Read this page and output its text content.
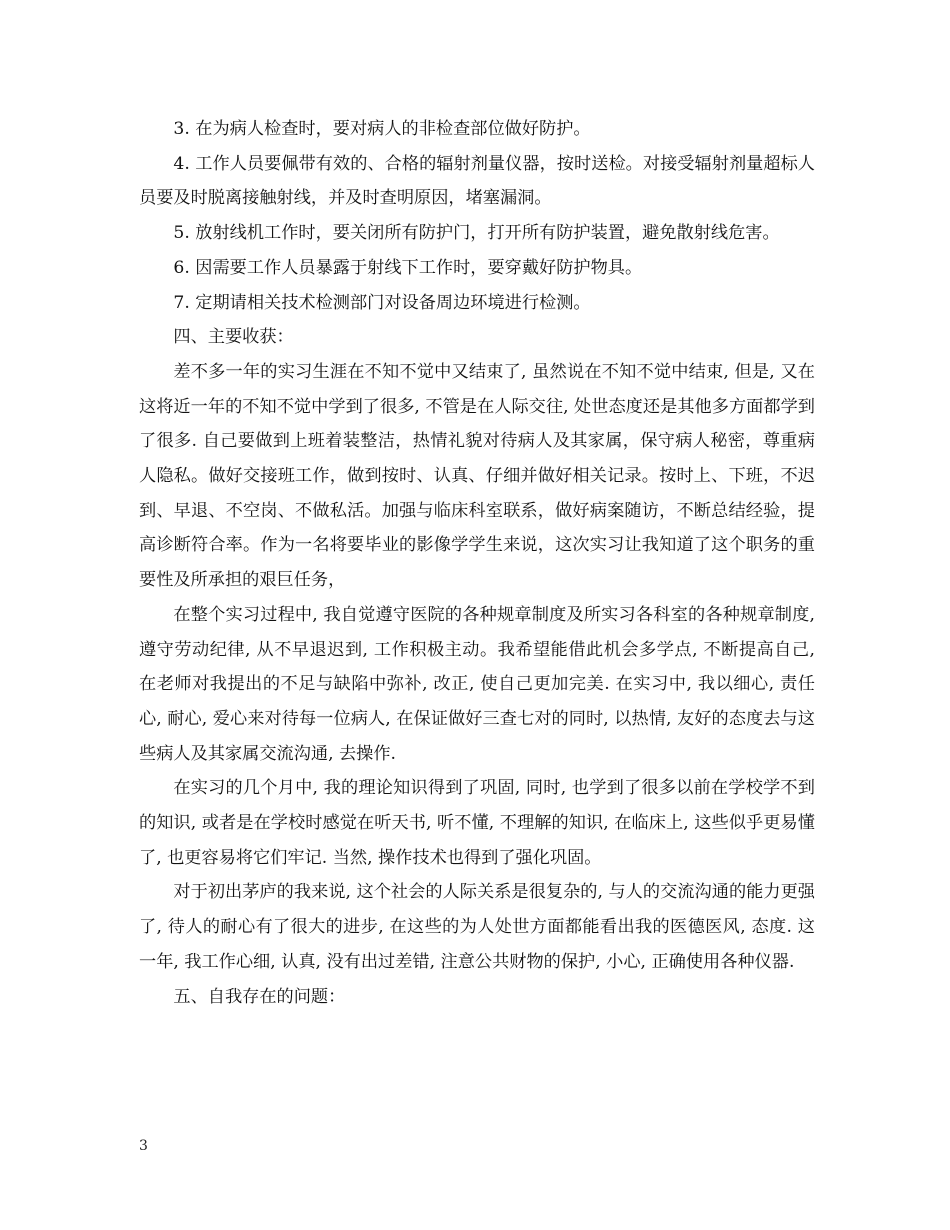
3. 在为病人检查时，要对病人的非检查部位做好防护。

4. 工作人员要佩带有效的、合格的辐射剂量仪器，按时送检。对接受辐射剂量超标人员要及时脱离接触射线，并及时查明原因，堵塞漏洞。

5. 放射线机工作时，要关闭所有防护门，打开所有防护装置，避免散射线危害。

6. 因需要工作人员暴露于射线下工作时，要穿戴好防护物具。

7. 定期请相关技术检测部门对设备周边环境进行检测。

四、主要收获：

差不多一年的实习生涯在不知不觉中又结束了, 虽然说在不知不觉中结束, 但是, 又在这将近一年的不知不觉中学到了很多, 不管是在人际交往, 处世态度还是其他多方面都学到了很多. 自己要做到上班着装整洁，热情礼貌对待病人及其家属，保守病人秘密，尊重病人隐私。做好交接班工作，做到按时、认真、仔细并做好相关记录。按时上、下班，不迟到、早退、不空岗、不做私活。加强与临床科室联系，做好病案随访，不断总结经验，提高诊断符合率。作为一名将要毕业的影像学学生来说，这次实习让我知道了这个职务的重要性及所承担的艰巨任务，

在整个实习过程中, 我自觉遵守医院的各种规章制度及所实习各科室的各种规章制度, 遵守劳动纪律, 从不早退迟到, 工作积极主动。我希望能借此机会多学点, 不断提高自己, 在老师对我提出的不足与缺陷中弥补, 改正, 使自己更加完美. 在实习中, 我以细心, 责任心, 耐心, 爱心来对待每一位病人, 在保证做好三查七对的同时, 以热情, 友好的态度去与这些病人及其家属交流沟通, 去操作.

在实习的几个月中, 我的理论知识得到了巩固, 同时, 也学到了很多以前在学校学不到的知识, 或者是在学校时感觉在听天书, 听不懂, 不理解的知识, 在临床上, 这些似乎更易懂了, 也更容易将它们牢记. 当然, 操作技术也得到了强化巩固。

对于初出茅庐的我来说, 这个社会的人际关系是很复杂的, 与人的交流沟通的能力更强了, 待人的耐心有了很大的进步, 在这些的为人处世方面都能看出我的医德医风, 态度. 这一年, 我工作心细, 认真, 没有出过差错, 注意公共财物的保护, 小心, 正确使用各种仪器.

五、自我存在的问题：

3
